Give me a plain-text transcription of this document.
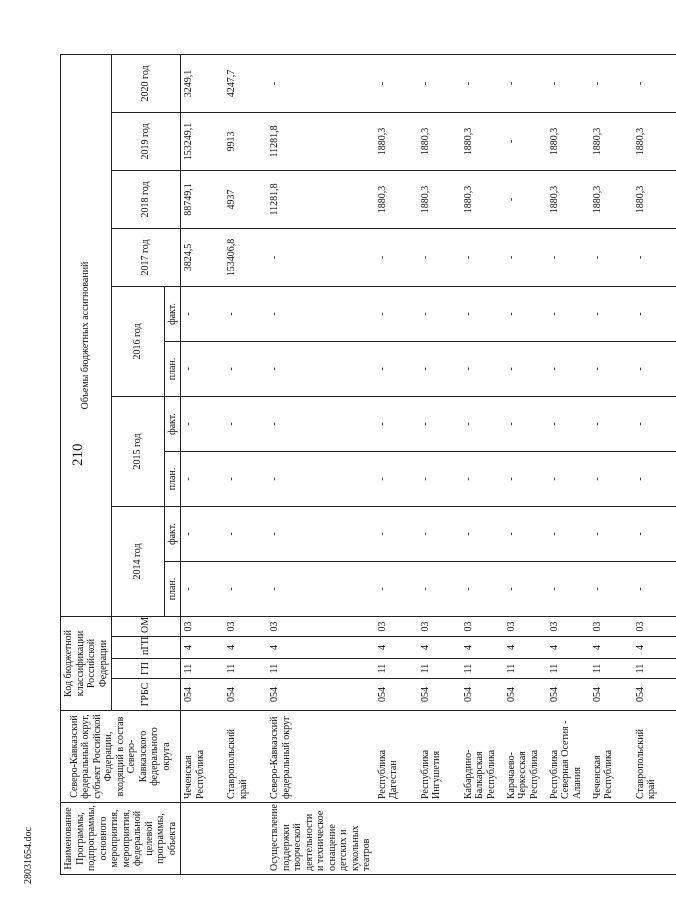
210
28031654.doc	Наименование Программы, подпрограммы, основного мероприятия, мероприятия, федеральной целевой программы, объекта	Северо-Кавказский федеральный округ, субъект Российской Федерации, входящий в состав Северо-Кавказского федерального округа	Код бюджетной классификации Российской Федерации				Объемы бюджетных ассигнований									
		ГРБС	ГП	пГП	ОМ	2014 год		2015 год		2016 год		2017 год	2018 год	2019 год	2020 год
						план.	факт.	план.	факт.	план.	факт.				
	Чеченская Республика	054	11	4	03	-	-	-	-	-	-	3824,5	88749,1	153249,1	3249,1
	Ставропольский край	054	11	4	03	-	-	-	-	-	-	153406,8	4937	9913	4247,7
Осуществление поддержки творческой деятельности и техническое оснащение детских и кукольных театров	Северо-Кавказский федеральный округ	054	11	4	03	-	-	-	-	-	-	-	11281,8	11281,8	-
	Республика Дагестан	054	11	4	03	-	-	-	-	-	-	-	1880,3	1880,3	-
	Республика Ингушетия	054	11	4	03	-	-	-	-	-	-	-	1880,3	1880,3	-
	Кабардино-Балкарская Республика	054	11	4	03	-	-	-	-	-	-	-	1880,3	1880,3	-
	Карачаево-Черкесская Республика	054	11	4	03	-	-	-	-	-	-	-	-	-	-
	Республика Северная Осетия - Алания	054	11	4	03	-	-	-	-	-	-	-	1880,3	1880,3	-
	Чеченская Республика	054	11	4	03	-	-	-	-	-	-	-	1880,3	1880,3	-
	Ставропольский край	054	11	4	03	-	-	-	-	-	-	-	1880,3	1880,3	-
